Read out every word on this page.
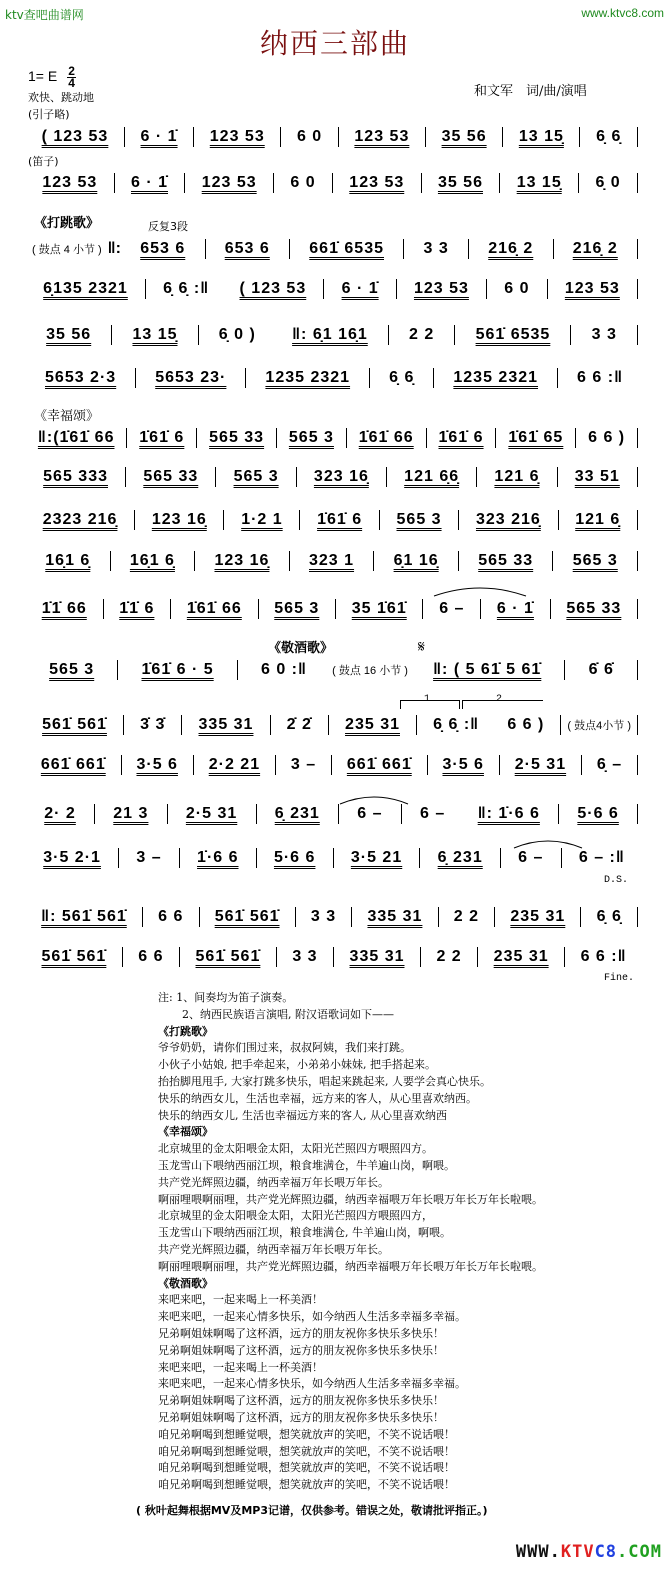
ktv查吧曲谱网	www.ktvc8.com
纳西三部曲
1= E $\frac{2}{4}$
欢快、跳动地
(引子略)
和文军　词/曲/演唱
( 123 53	6 · 1̇	123 53	6 0	123 53	35 56	13 15̣	6̣ 6̣
(笛子)
123 53	6 · 1̇	123 53	6 0	123 53	35 56	13 15̣	6̣ 0
《打跳歌》	反复3段
( 鼓点 4 小节 ) ‖:	653 6	653 6	661̇ 6535	3 3	216̣ 2	216̣ 2
6̣135 2321	6̣ 6̣ :‖	( 123 53	6 · 1̇	123 53	6 0	123 53
35 56	13 15̣	6̣ 0 )	‖: 6̣1 16̣1	2 2	561̇ 6535	3 3
5653 2·3	5653 23·	1235 2321	6̣ 6̣	1235 2321	6 6 :‖
《幸福颂》
‖:(1̇61̇ 66	1̇61̇ 6	565 33	565 3	1̇61̇ 66	1̇61̇ 6	1̇61̇ 65	6 6 )
565 333	565 33	565 3	323 16̣	121 6̣6̣	121 6̣	33 51
2323 216̣	123 16̣	1·2 1	1̇61̇ 6	565 3	323 216̣	121 6̣
16̣1 6̣	16̣1 6̣	123 16̣	323 1	6̣1 16̣	565 33	565 3
1̇1̇ 66	1̇1̇ 6	1̇61̇ 66	565 3	35 1̇61̇	6 –	6 · 1̇	565 33
《敬酒歌》	𝄋
565 3	1̇61̇ 6 · 5	6 0 :‖	( 鼓点 16 小节 )	‖: ( 5 61̇ 5 61̇	6̇ 6̇
1	2
561̇ 561̇	3̇ 3̇	335 31	2̇ 2̇	235 31	6̣ 6̣ :‖	6 6 )	( 鼓点4小节 )
661̇ 661̇	3·5 6	2·2 21	3 –	661̇ 661̇	3·5 6	2·5 31	6̣ –
2· 2	21 3	2·5 31	6̣ 231	6 –	6 –	‖: 1̇·6 6	5·6 6
3·5 2·1	3 –	1̇·6 6	5·6 6	3·5 21	6̣ 231	6 –	6 – :‖
D.S.
‖: 561̇ 561̇	6 6	561̇ 561̇	3 3	335 31	2 2	235 31	6̣ 6̣
561̇ 561̇	6 6	561̇ 561̇	3 3	335 31	2 2	235 31	6 6 :‖
Fine.
注: 1、间奏均为笛子演奏。
2、纳西民族语言演唱, 附汉语歌词如下——
《打跳歌》
爷爷奶奶，请你们围过来，叔叔阿姨，我们来打跳。
小伙子小姑娘, 把手牵起来，小弟弟小妹妹, 把手搭起来。
抬抬脚甩甩手, 大家打跳多快乐，唱起来跳起来, 人要学会真心快乐。
快乐的纳西女儿，生活也幸福，远方来的客人，从心里喜欢纳西。
快乐的纳西女儿, 生活也幸福远方来的客人, 从心里喜欢纳西
《幸福颂》
北京城里的金太阳喂金太阳，太阳光芒照四方喂照四方。
玉龙雪山下喂纳西丽江坝，粮食堆满仓，牛羊遍山岗，啊喂。
共产党光辉照边疆，纳西幸福万年长喂万年长。
啊丽哩喂啊丽哩，共产党光辉照边疆，纳西幸福喂万年长喂万年长万年长啦喂。
北京城里的金太阳喂金太阳，太阳光芒照四方喂照四方，
玉龙雪山下喂纳西丽江坝，粮食堆满仓, 牛羊遍山岗，啊喂。
共产党光辉照边疆，纳西幸福万年长喂万年长。
啊丽哩喂啊丽哩，共产党光辉照边疆，纳西幸福喂万年长喂万年长万年长啦喂。
《敬酒歌》
来吧来吧，一起来喝上一杯美酒！
来吧来吧，一起来心情多快乐，如今纳西人生活多幸福多幸福。
兄弟啊姐妹啊喝了这杯酒，远方的朋友祝你多快乐多快乐！
兄弟啊姐妹啊喝了这杯酒，远方的朋友祝你多快乐多快乐！
来吧来吧，一起来喝上一杯美酒！
来吧来吧，一起来心情多快乐，如今纳西人生活多幸福多幸福。
兄弟啊姐妹啊喝了这杯酒，远方的朋友祝你多快乐多快乐！
兄弟啊姐妹啊喝了这杯酒，远方的朋友祝你多快乐多快乐！
咱兄弟啊喝到想睡觉喂，想笑就放声的笑吧，不笑不说话喂！
咱兄弟啊喝到想睡觉喂，想笑就放声的笑吧，不笑不说话喂！
咱兄弟啊喝到想睡觉喂，想笑就放声的笑吧，不笑不说话喂！
咱兄弟啊喝到想睡觉喂，想笑就放声的笑吧，不笑不说话喂！
( 秋叶起舞根据MV及MP3记谱，仅供参考。错误之处，敬请批评指正。)
WWW.KTVC8.COM
